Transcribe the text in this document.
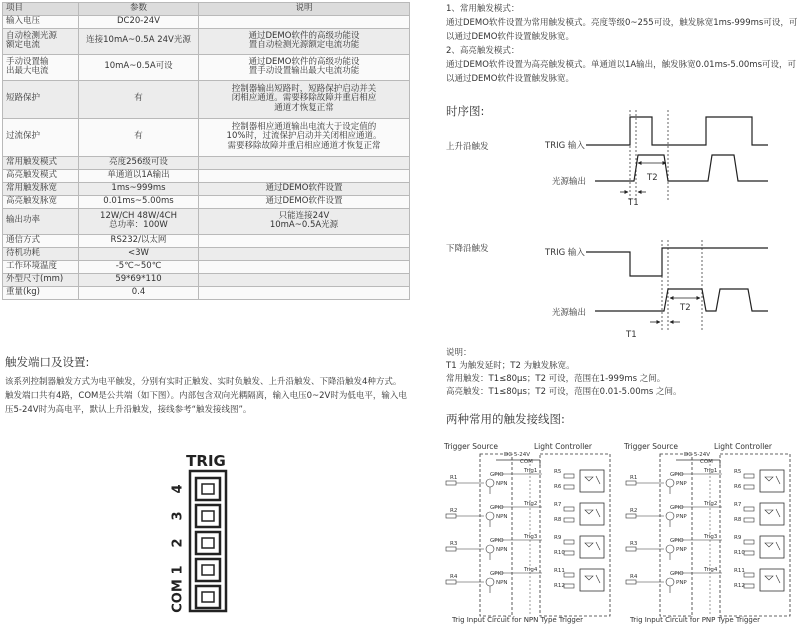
项目	参数	说明

输入电压	DC20-24V	

自动检测光源
额定电流	连接10mA~0.5A 24V光源	通过DEMO软件的高级功能设
置自动检测光源额定电流功能

手动设置输
出最大电流	10mA~0.5A可设	通过DEMO软件的高级功能设
置手动设置输出最大电流功能

短路保护	有	控制器输出短路时，短路保护启动并关
闭相应通道。需要移除故障并重启相应
通道才恢复正常

过流保护	有	控制器相应通道输出电流大于设定值的
10%时，过流保护启动并关闭相应通道。
需要移除故障并重启相应通道才恢复正常

常用触发模式	亮度256级可设	

高亮触发模式	单通道以1A输出	

常用触发脉宽	1ms~999ms	通过DEMO软件设置

高亮触发脉宽	0.01ms~5.00ms	通过DEMO软件设置

输出功率	12W/CH 48W/4CH
总功率：100W	只能连接24V
10mA~0.5A光源

通信方式	RS232/以太网	

待机功耗	<3W	

工作环境温度	-5℃~50℃	

外型尺寸(mm)	59*69*110	

重量(kg)	0.4	

触发端口及设置:
该系列控制器触发方式为电平触发，分别有实时正触发、实时负触发、上升沿触发、下降沿触发4种方式。触发端口共有4路，COM是公共端（如下图）。内部包含双向光耦隔离，输入电压0~2V时为低电平，输入电压5-24V时为高电平，默认上升沿触发，接线参考“触发接线图”。
TRIG
4
3
2
1
COM
1、常用触发模式：
通过DEMO软件设置为常用触发模式。亮度等级0~255可设，触发脉宽1ms-999ms可设，可以通过DEMO软件设置触发脉宽。
2、高亮触发模式：
通过DEMO软件设置为高亮触发模式。单通道以1A输出，触发脉宽0.01ms-5.00ms可设，可以通过DEMO软件设置触发脉宽。
时序图:
上升沿触发
下降沿触发
TRIG 输入
光源输出	T2
T1
TRIG 输入
光源输出	T2
T1
说明：
T1 为触发延时；T2 为触发脉宽。
常用触发：T1≤80μs；T2 可设，范围在1-999ms 之间。
高亮触发：T1≤80μs；T2 可设，范围在0.01-5.00ms 之间。
两种常用的触发接线图:
Trigger Source	Light Controller
DC 5-24V
COM
R1	GPIO
NPN
Trig1	R5
R6
R2	GPIO
NPN
Trig2	R7
R8
R3	GPIO
NPN
Trig3	R9
R10
R4	GPIO
NPN
Trig4	R11
R12
Trig Input Circuit for NPN Type Trigger
Trigger Source	Light Controller
DC 5-24V
COM
R1	GPIO
PNP
Trig1	R5
R6
R2	GPIO
PNP
Trig2	R7
R8
R3	GPIO
PNP
Trig3	R9
R10
R4	GPIO
PNP
Trig4	R11
R12
Trig Input Circuit for PNP Type Trigger
